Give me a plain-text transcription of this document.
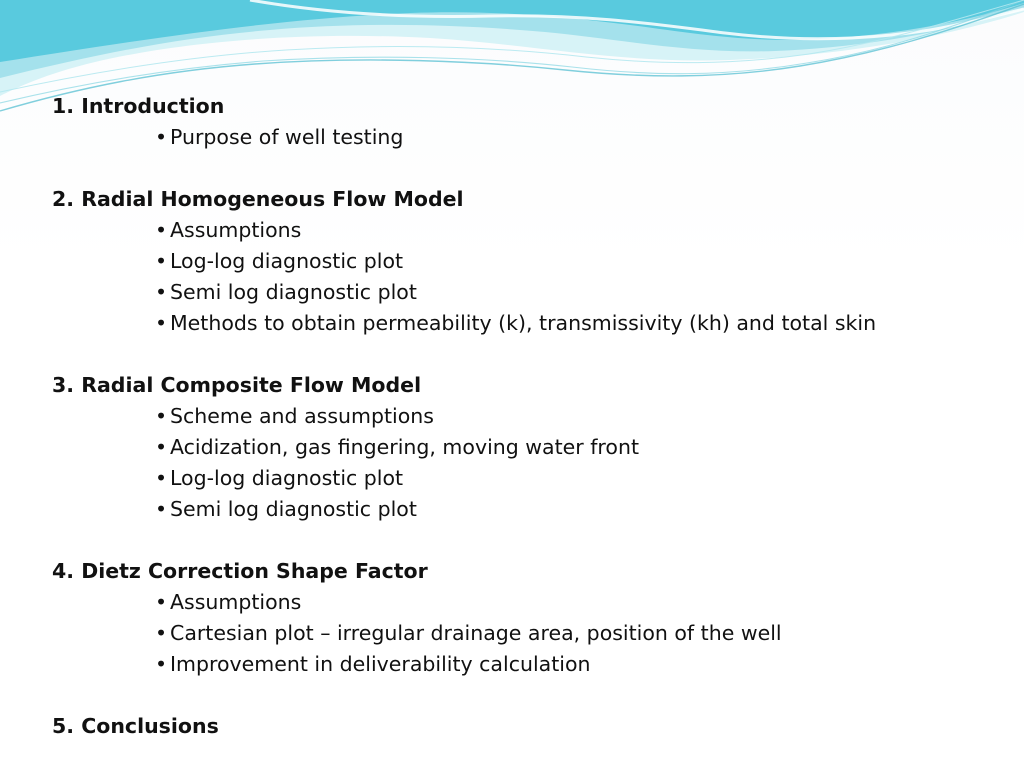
1. Introduction
• Purpose of well testing
2. Radial Homogeneous Flow Model
• Assumptions
• Log-log diagnostic plot
• Semi log diagnostic plot
• Methods to obtain permeability (k), transmissivity (kh) and total skin
3. Radial Composite Flow Model
• Scheme and assumptions
• Acidization, gas fingering, moving water front
• Log-log diagnostic plot
• Semi log diagnostic plot
4. Dietz Correction Shape Factor
• Assumptions
• Cartesian plot – irregular drainage area, position of the well
• Improvement in deliverability calculation
5. Conclusions
